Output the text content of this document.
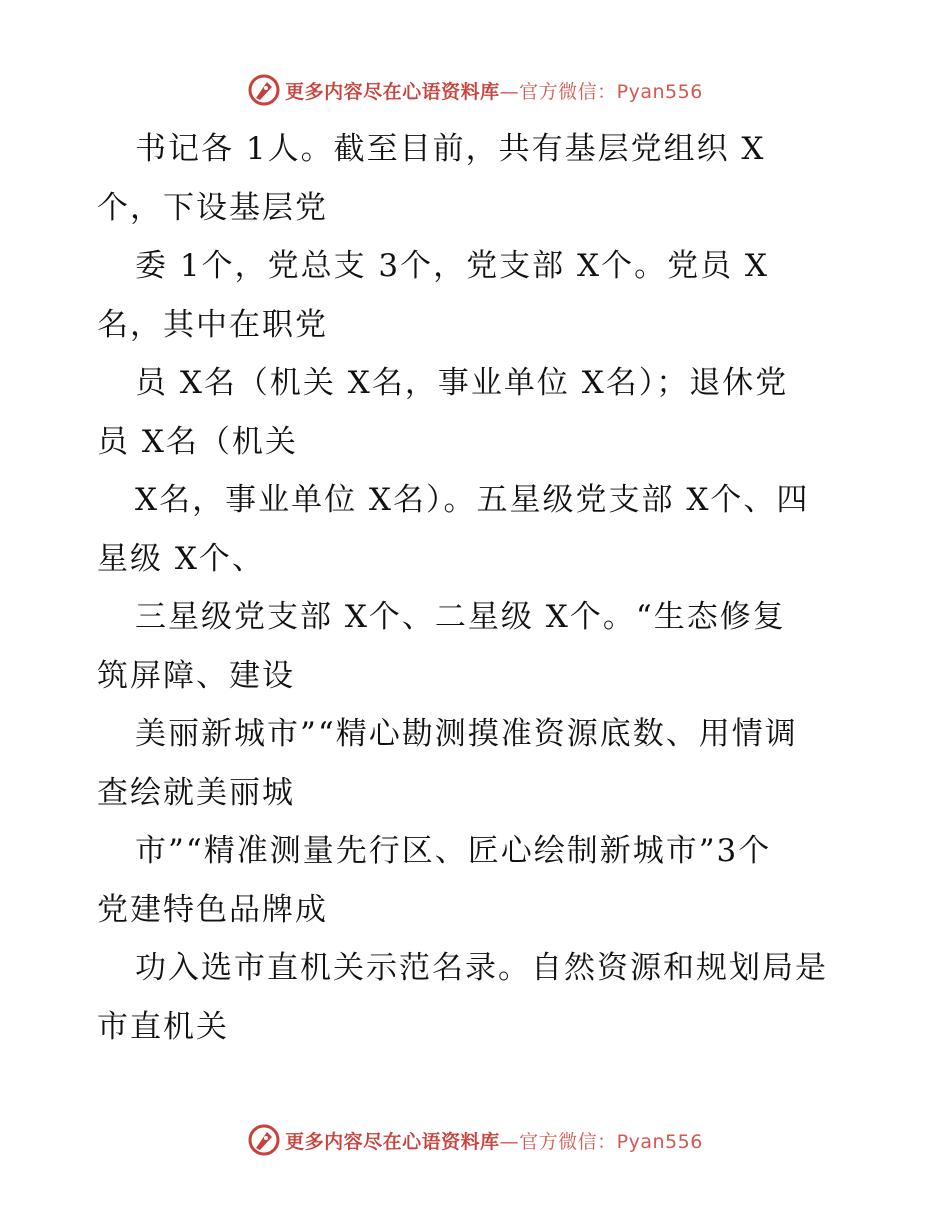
更多内容尽在心语资料库—官方微信：Pyan556
书记各 1人。截至目前，共有基层党组织 X
个，下设基层党
委 1个，党总支 3个，党支部 X个。党员 X
名，其中在职党
员 X名（机关 X名，事业单位 X名）；退休党
员 X名（机关
X名，事业单位 X名）。五星级党支部 X个、四
星级 X个、
三星级党支部 X个、二星级 X个。“生态修复
筑屏障、建设
美丽新城市”“精心勘测摸准资源底数、用情调
查绘就美丽城
市”“精准测量先行区、匠心绘制新城市”3个
党建特色品牌成
功入选市直机关示范名录。自然资源和规划局是
市直机关
更多内容尽在心语资料库—官方微信：Pyan556
